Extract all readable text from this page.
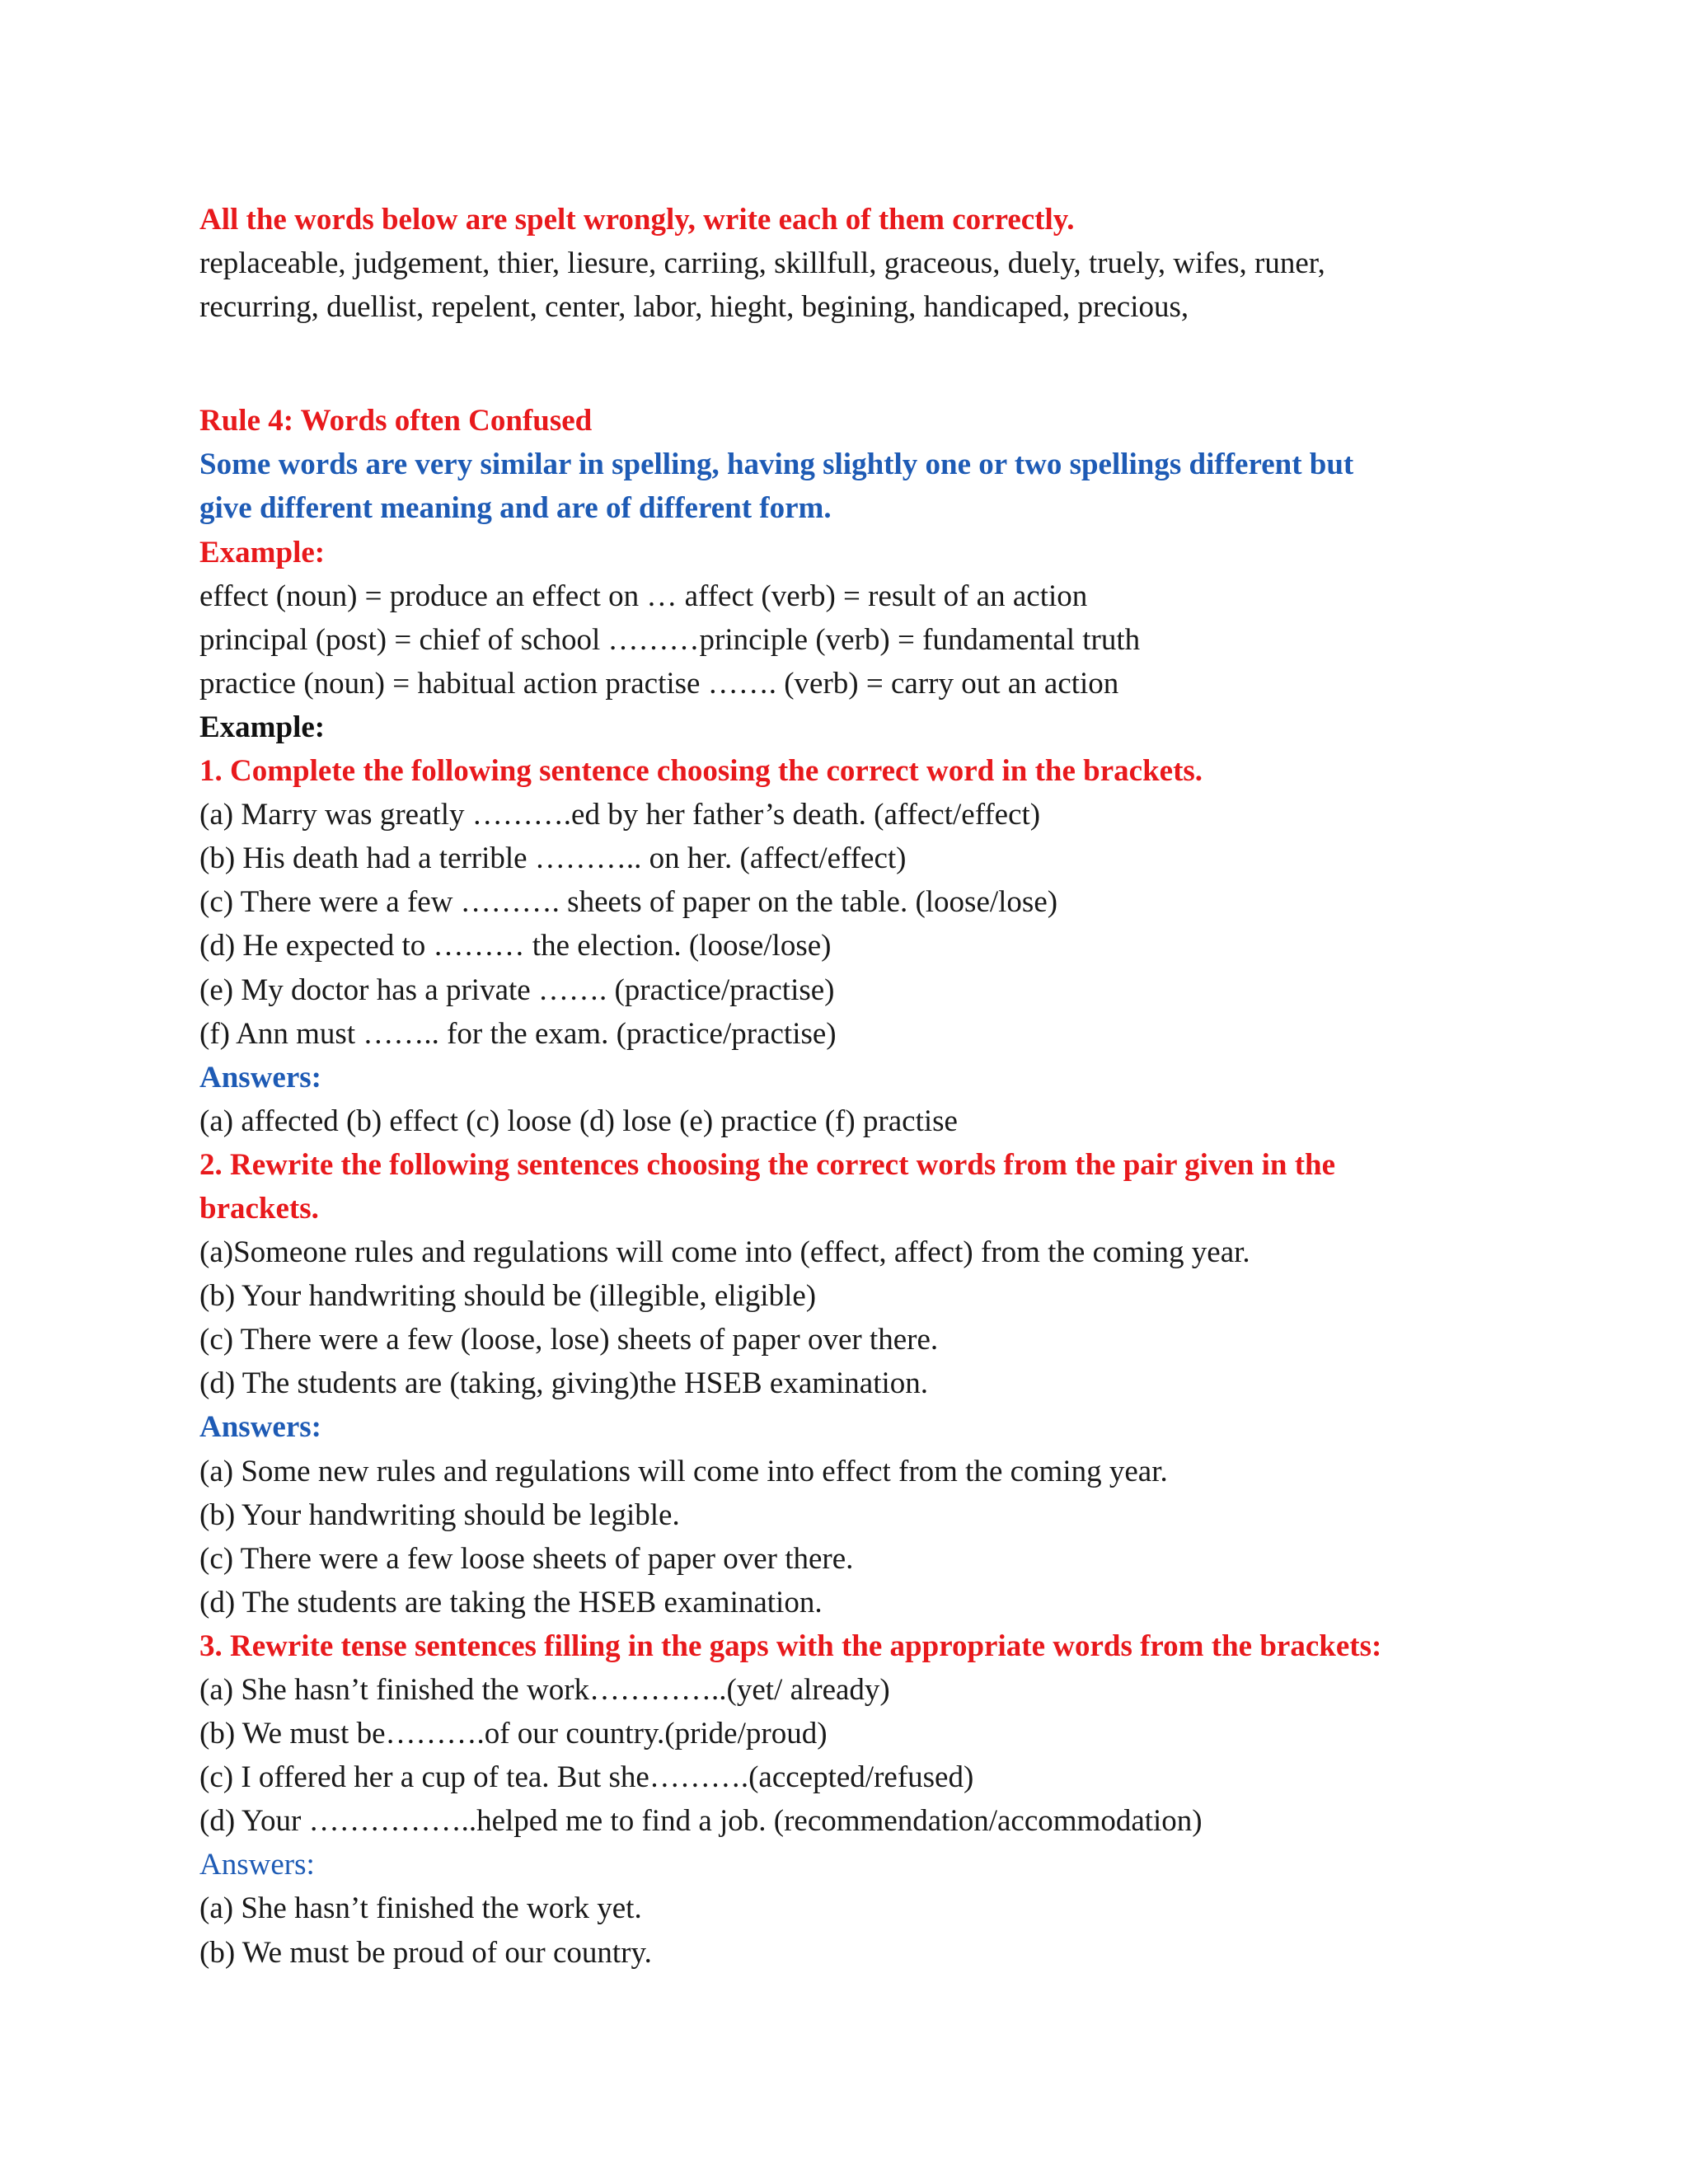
All the words below are spelt wrongly, write each of them correctly.

replaceable, judgement, thier, liesure, carriing, skillfull, graceous, duely, truely, wifes, runer,

recurring, duellist, repelent, center, labor, hieght, begining, handicaped, precious,

Rule 4: Words often Confused

Some words are very similar in spelling, having slightly one or two spellings different but

give different meaning and are of different form.

Example:

effect (noun) = produce an effect on … affect (verb) = result of an action

principal (post) = chief of school ………principle (verb) = fundamental truth

practice (noun) = habitual action practise ……. (verb) = carry out an action

Example:

1. Complete the following sentence choosing the correct word in the brackets.

(a) Marry was greatly ……….ed by her father’s death. (affect/effect)

(b) His death had a terrible ……….. on her. (affect/effect)

(c) There were a few ………. sheets of paper on the table. (loose/lose)

(d) He expected to ……… the election. (loose/lose)

(e) My doctor has a private ……. (practice/practise)

(f) Ann must …….. for the exam. (practice/practise)

Answers:

(a) affected (b) effect (c) loose (d) lose (e) practice (f) practise

2. Rewrite the following sentences choosing the correct words from the pair given in the

brackets.

(a)Someone rules and regulations will come into (effect, affect) from the coming year.

(b) Your handwriting should be (illegible, eligible)

(c) There were a few (loose, lose) sheets of paper over there.

(d) The students are (taking, giving)the HSEB examination.

Answers:

(a) Some new rules and regulations will come into effect from the coming year.

(b) Your handwriting should be legible.

(c) There were a few loose sheets of paper over there.

(d) The students are taking the HSEB examination.

3. Rewrite tense sentences filling in the gaps with the appropriate words from the brackets:

(a) She hasn’t finished the work…………..(yet/ already)

(b) We must be……….of our country.(pride/proud)

(c) I offered her a cup of tea. But she……….(accepted/refused)

(d) Your ……………..helped me to find a job. (recommendation/accommodation)

Answers:

(a) She hasn’t finished the work yet.

(b) We must be proud of our country.
